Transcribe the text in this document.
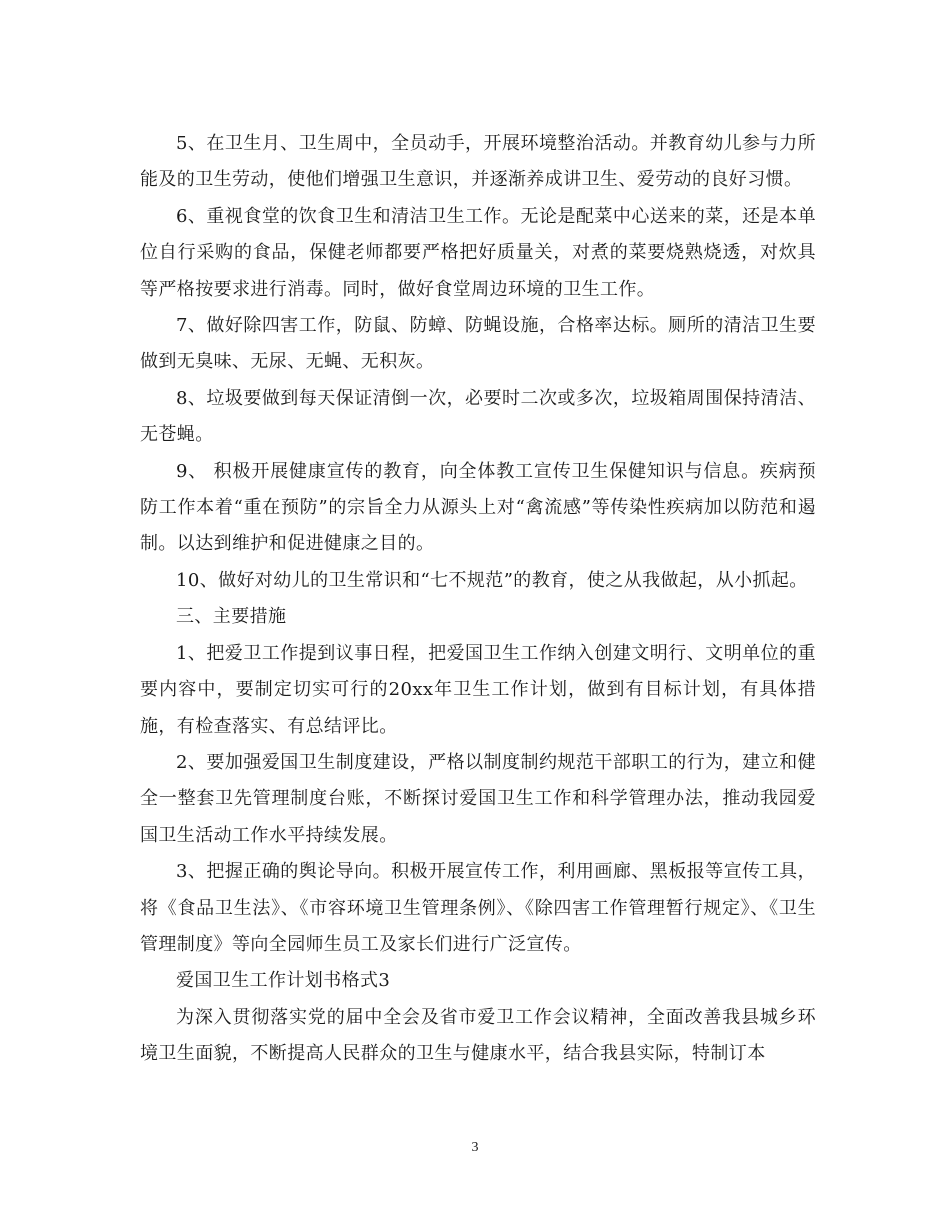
5、在卫生月、卫生周中，全员动手，开展环境整治活动。并教育幼儿参与力所能及的卫生劳动，使他们增强卫生意识，并逐渐养成讲卫生、爱劳动的良好习惯。

6、重视食堂的饮食卫生和清洁卫生工作。无论是配菜中心送来的菜，还是本单位自行采购的食品，保健老师都要严格把好质量关，对煮的菜要烧熟烧透，对炊具等严格按要求进行消毒。同时，做好食堂周边环境的卫生工作。

7、做好除四害工作，防鼠、防蟑、防蝇设施，合格率达标。厕所的清洁卫生要做到无臭味、无尿、无蝇、无积灰。

8、垃圾要做到每天保证清倒一次，必要时二次或多次，垃圾箱周围保持清洁、无苍蝇。

9、 积极开展健康宣传的教育，向全体教工宣传卫生保健知识与信息。疾病预防工作本着“重在预防”的宗旨全力从源头上对“禽流感”等传染性疾病加以防范和遏制。以达到维护和促进健康之目的。

10、做好对幼儿的卫生常识和“七不规范”的教育，使之从我做起，从小抓起。

三、主要措施

1、把爱卫工作提到议事日程，把爱国卫生工作纳入创建文明行、文明单位的重要内容中，要制定切实可行的20xx年卫生工作计划，做到有目标计划，有具体措施，有检查落实、有总结评比。

2、要加强爱国卫生制度建设，严格以制度制约规范干部职工的行为，建立和健全一整套卫先管理制度台账，不断探讨爱国卫生工作和科学管理办法，推动我园爱国卫生活动工作水平持续发展。

3、把握正确的舆论导向。积极开展宣传工作，利用画廊、黑板报等宣传工具，将《食品卫生法》、《市容环境卫生管理条例》、《除四害工作管理暂行规定》、《卫生管理制度》等向全园师生员工及家长们进行广泛宣传。

爱国卫生工作计划书格式3

为深入贯彻落实党的届中全会及省市爱卫工作会议精神，全面改善我县城乡环境卫生面貌，不断提高人民群众的卫生与健康水平，结合我县实际，特制订本

3
